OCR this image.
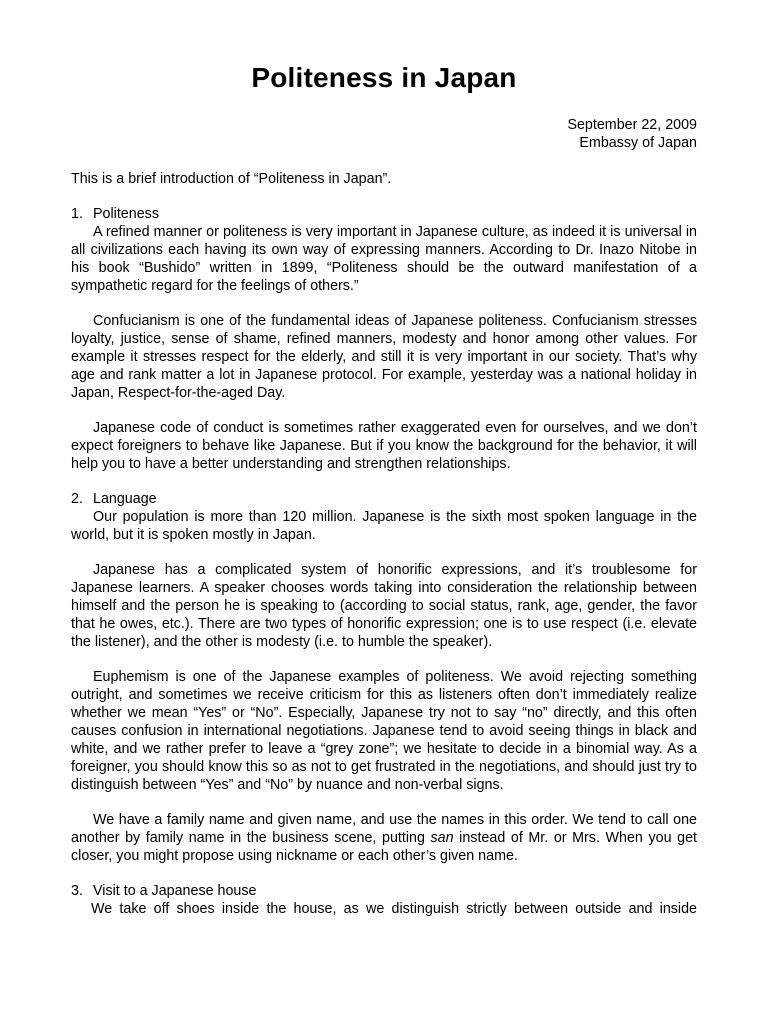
Politeness in Japan
September 22, 2009
Embassy of Japan

This is a brief introduction of “Politeness in Japan”.

1. Politeness

A refined manner or politeness is very important in Japanese culture, as indeed it is universal in all civilizations each having its own way of expressing manners. According to Dr. Inazo Nitobe in his book “Bushido” written in 1899, “Politeness should be the outward manifestation of a sympathetic regard for the feelings of others.”

Confucianism is one of the fundamental ideas of Japanese politeness. Confucianism stresses loyalty, justice, sense of shame, refined manners, modesty and honor among other values. For example it stresses respect for the elderly, and still it is very important in our society. That’s why age and rank matter a lot in Japanese protocol. For example, yesterday was a national holiday in Japan, Respect-for-the-aged Day.

Japanese code of conduct is sometimes rather exaggerated even for ourselves, and we don’t expect foreigners to behave like Japanese. But if you know the background for the behavior, it will help you to have a better understanding and strengthen relationships.

2. Language

Our population is more than 120 million. Japanese is the sixth most spoken language in the world, but it is spoken mostly in Japan.

Japanese has a complicated system of honorific expressions, and it’s troublesome for Japanese learners. A speaker chooses words taking into consideration the relationship between himself and the person he is speaking to (according to social status, rank, age, gender, the favor that he owes, etc.). There are two types of honorific expression; one is to use respect (i.e. elevate the listener), and the other is modesty (i.e. to humble the speaker).

Euphemism is one of the Japanese examples of politeness. We avoid rejecting something outright, and sometimes we receive criticism for this as listeners often don’t immediately realize whether we mean “Yes” or “No”. Especially, Japanese try not to say “no” directly, and this often causes confusion in international negotiations. Japanese tend to avoid seeing things in black and white, and we rather prefer to leave a “grey zone”; we hesitate to decide in a binomial way. As a foreigner, you should know this so as not to get frustrated in the negotiations, and should just try to distinguish between “Yes” and “No” by nuance and non-verbal signs.

We have a family name and given name, and use the names in this order. We tend to call one another by family name in the business scene, putting san instead of Mr. or Mrs. When you get closer, you might propose using nickname or each other’s given name.

3. Visit to a Japanese house

We take off shoes inside the house, as we distinguish strictly between outside and inside
